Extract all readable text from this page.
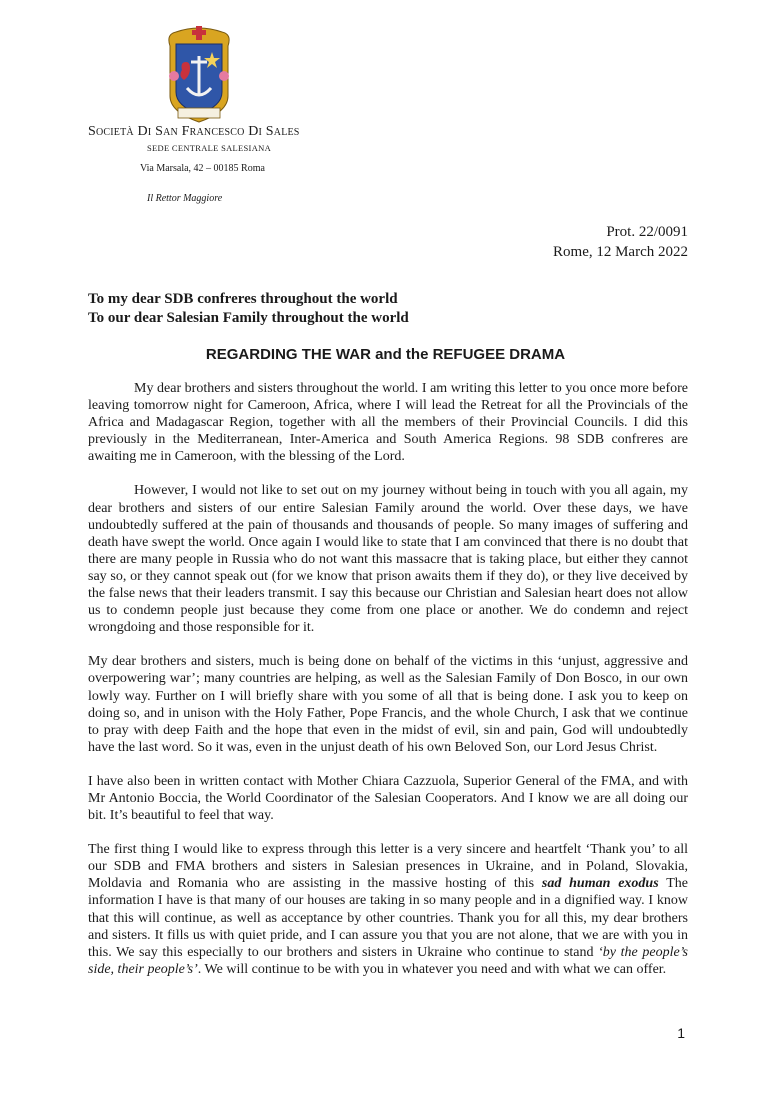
Società Di San Francesco Di Sales
SEDE CENTRALE SALESIANA
Via Marsala, 42 – 00185 Roma
Il Rettor Maggiore
Prot. 22/0091
Rome, 12 March 2022
To my dear SDB confreres throughout the world
To our dear Salesian Family throughout the world
REGARDING THE WAR and the REFUGEE DRAMA

My dear brothers and sisters throughout the world. I am writing this letter to you once more before leaving tomorrow night for Cameroon, Africa, where I will lead the Retreat for all the Provincials of the Africa and Madagascar Region, together with all the members of their Provincial Councils. I did this previously in the Mediterranean, Inter-America and South America Regions. 98 SDB confreres are awaiting me in Cameroon, with the blessing of the Lord.

However, I would not like to set out on my journey without being in touch with you all again, my dear brothers and sisters of our entire Salesian Family around the world. Over these days, we have undoubtedly suffered at the pain of thousands and thousands of people. So many images of suffering and death have swept the world. Once again I would like to state that I am convinced that there is no doubt that there are many people in Russia who do not want this massacre that is taking place, but either they cannot say so, or they cannot speak out (for we know that prison awaits them if they do), or they live deceived by the false news that their leaders transmit. I say this because our Christian and Salesian heart does not allow us to condemn people just because they come from one place or another. We do condemn and reject wrongdoing and those responsible for it.

My dear brothers and sisters, much is being done on behalf of the victims in this ‘unjust, aggressive and overpowering war’; many countries are helping, as well as the Salesian Family of Don Bosco, in our own lowly way. Further on I will briefly share with you some of all that is being done. I ask you to keep on doing so, and in unison with the Holy Father, Pope Francis, and the whole Church, I ask that we continue to pray with deep Faith and the hope that even in the midst of evil, sin and pain, God will undoubtedly have the last word. So it was, even in the unjust death of his own Beloved Son, our Lord Jesus Christ.

I have also been in written contact with Mother Chiara Cazzuola, Superior General of the FMA, and with Mr Antonio Boccia, the World Coordinator of the Salesian Cooperators. And I know we are all doing our bit. It’s beautiful to feel that way.

The first thing I would like to express through this letter is a very sincere and heartfelt ‘Thank you’ to all our SDB and FMA brothers and sisters in Salesian presences in Ukraine, and in Poland, Slovakia, Moldavia and Romania who are assisting in the massive hosting of this sad human exodus The information I have is that many of our houses are taking in so many people and in a dignified way. I know that this will continue, as well as acceptance by other countries. Thank you for all this, my dear brothers and sisters. It fills us with quiet pride, and I can assure you that you are not alone, that we are with you in this. We say this especially to our brothers and sisters in Ukraine who continue to stand ‘by the people’s side, their people’s’. We will continue to be with you in whatever you need and with what we can offer.

1
